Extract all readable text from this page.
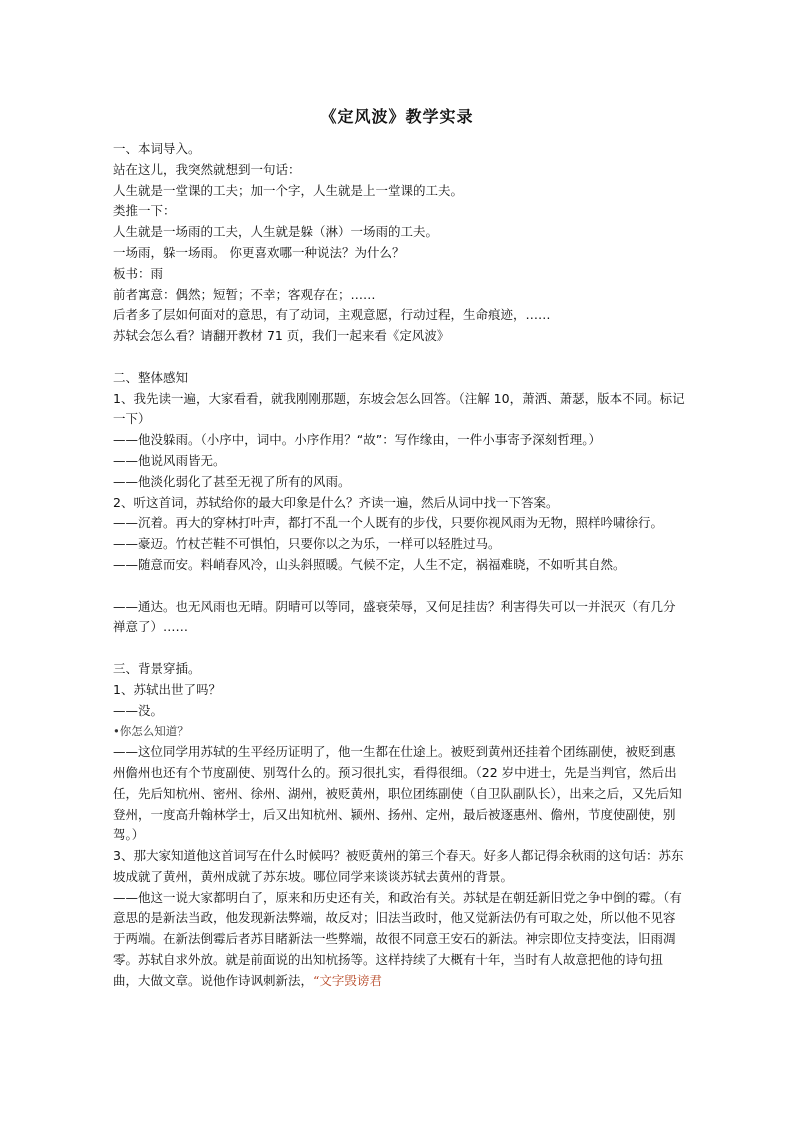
《定风波》教学实录

一、本词导入。

站在这儿，我突然就想到一句话：

人生就是一堂课的工夫；加一个字，人生就是上一堂课的工夫。

类推一下：

人生就是一场雨的工夫，人生就是躲（淋）一场雨的工夫。

一场雨，躲一场雨。 你更喜欢哪一种说法？为什么？

板书：雨

前者寓意：偶然；短暂；不幸；客观存在；……

后者多了层如何面对的意思，有了动词，主观意愿，行动过程，生命痕迹，……

苏轼会怎么看？请翻开教材 71 页，我们一起来看《定风波》

二、整体感知

1、我先读一遍，大家看看，就我刚刚那题，东坡会怎么回答。（注解 10，萧洒、萧瑟，版本不同。标记一下）

——他没躲雨。（小序中，词中。小序作用？“故”：写作缘由，一件小事寄予深刻哲理。）

——他说风雨皆无。

——他淡化弱化了甚至无视了所有的风雨。

2、听这首词，苏轼给你的最大印象是什么？齐读一遍，然后从词中找一下答案。

——沉着。再大的穿林打叶声，都打不乱一个人既有的步伐，只要你视风雨为无物，照样吟啸徐行。

——豪迈。竹杖芒鞋不可惧怕，只要你以之为乐，一样可以轻胜过马。

——随意而安。料峭春风冷，山头斜照暖。气候不定，人生不定，祸福难晓，不如听其自然。

——通达。也无风雨也无晴。阴晴可以等同，盛衰荣辱，又何足挂齿？利害得失可以一并泯灭（有几分禅意了）……

三、背景穿插。

1、苏轼出世了吗？

——没。

•你怎么知道？

——这位同学用苏轼的生平经历证明了，他一生都在仕途上。被贬到黄州还挂着个团练副使，被贬到惠州儋州也还有个节度副使、别驾什么的。预习很扎实，看得很细。（22 岁中进士，先是当判官，然后出任，先后知杭州、密州、徐州、湖州，被贬黄州，职位团练副使（自卫队副队长），出来之后，又先后知登州，一度高升翰林学士，后又出知杭州、颍州、扬州、定州，最后被逐惠州、儋州，节度使副使，别驾。）

3、那大家知道他这首词写在什么时候吗？被贬黄州的第三个春天。好多人都记得余秋雨的这句话：苏东坡成就了黄州，黄州成就了苏东坡。哪位同学来谈谈苏轼去黄州的背景。

——他这一说大家都明白了，原来和历史还有关，和政治有关。苏轼是在朝廷新旧党之争中倒的霉。（有意思的是新法当政，他发现新法弊端，故反对；旧法当政时，他又觉新法仍有可取之处，所以他不见容于两端。在新法倒霉后者苏目睹新法一些弊端，故很不同意王安石的新法。神宗即位支持变法，旧雨凋零。苏轼自求外放。就是前面说的出知杭扬等。这样持续了大概有十年，当时有人故意把他的诗句扭曲，大做文章。说他作诗讽刺新法，“文字毁谤君
